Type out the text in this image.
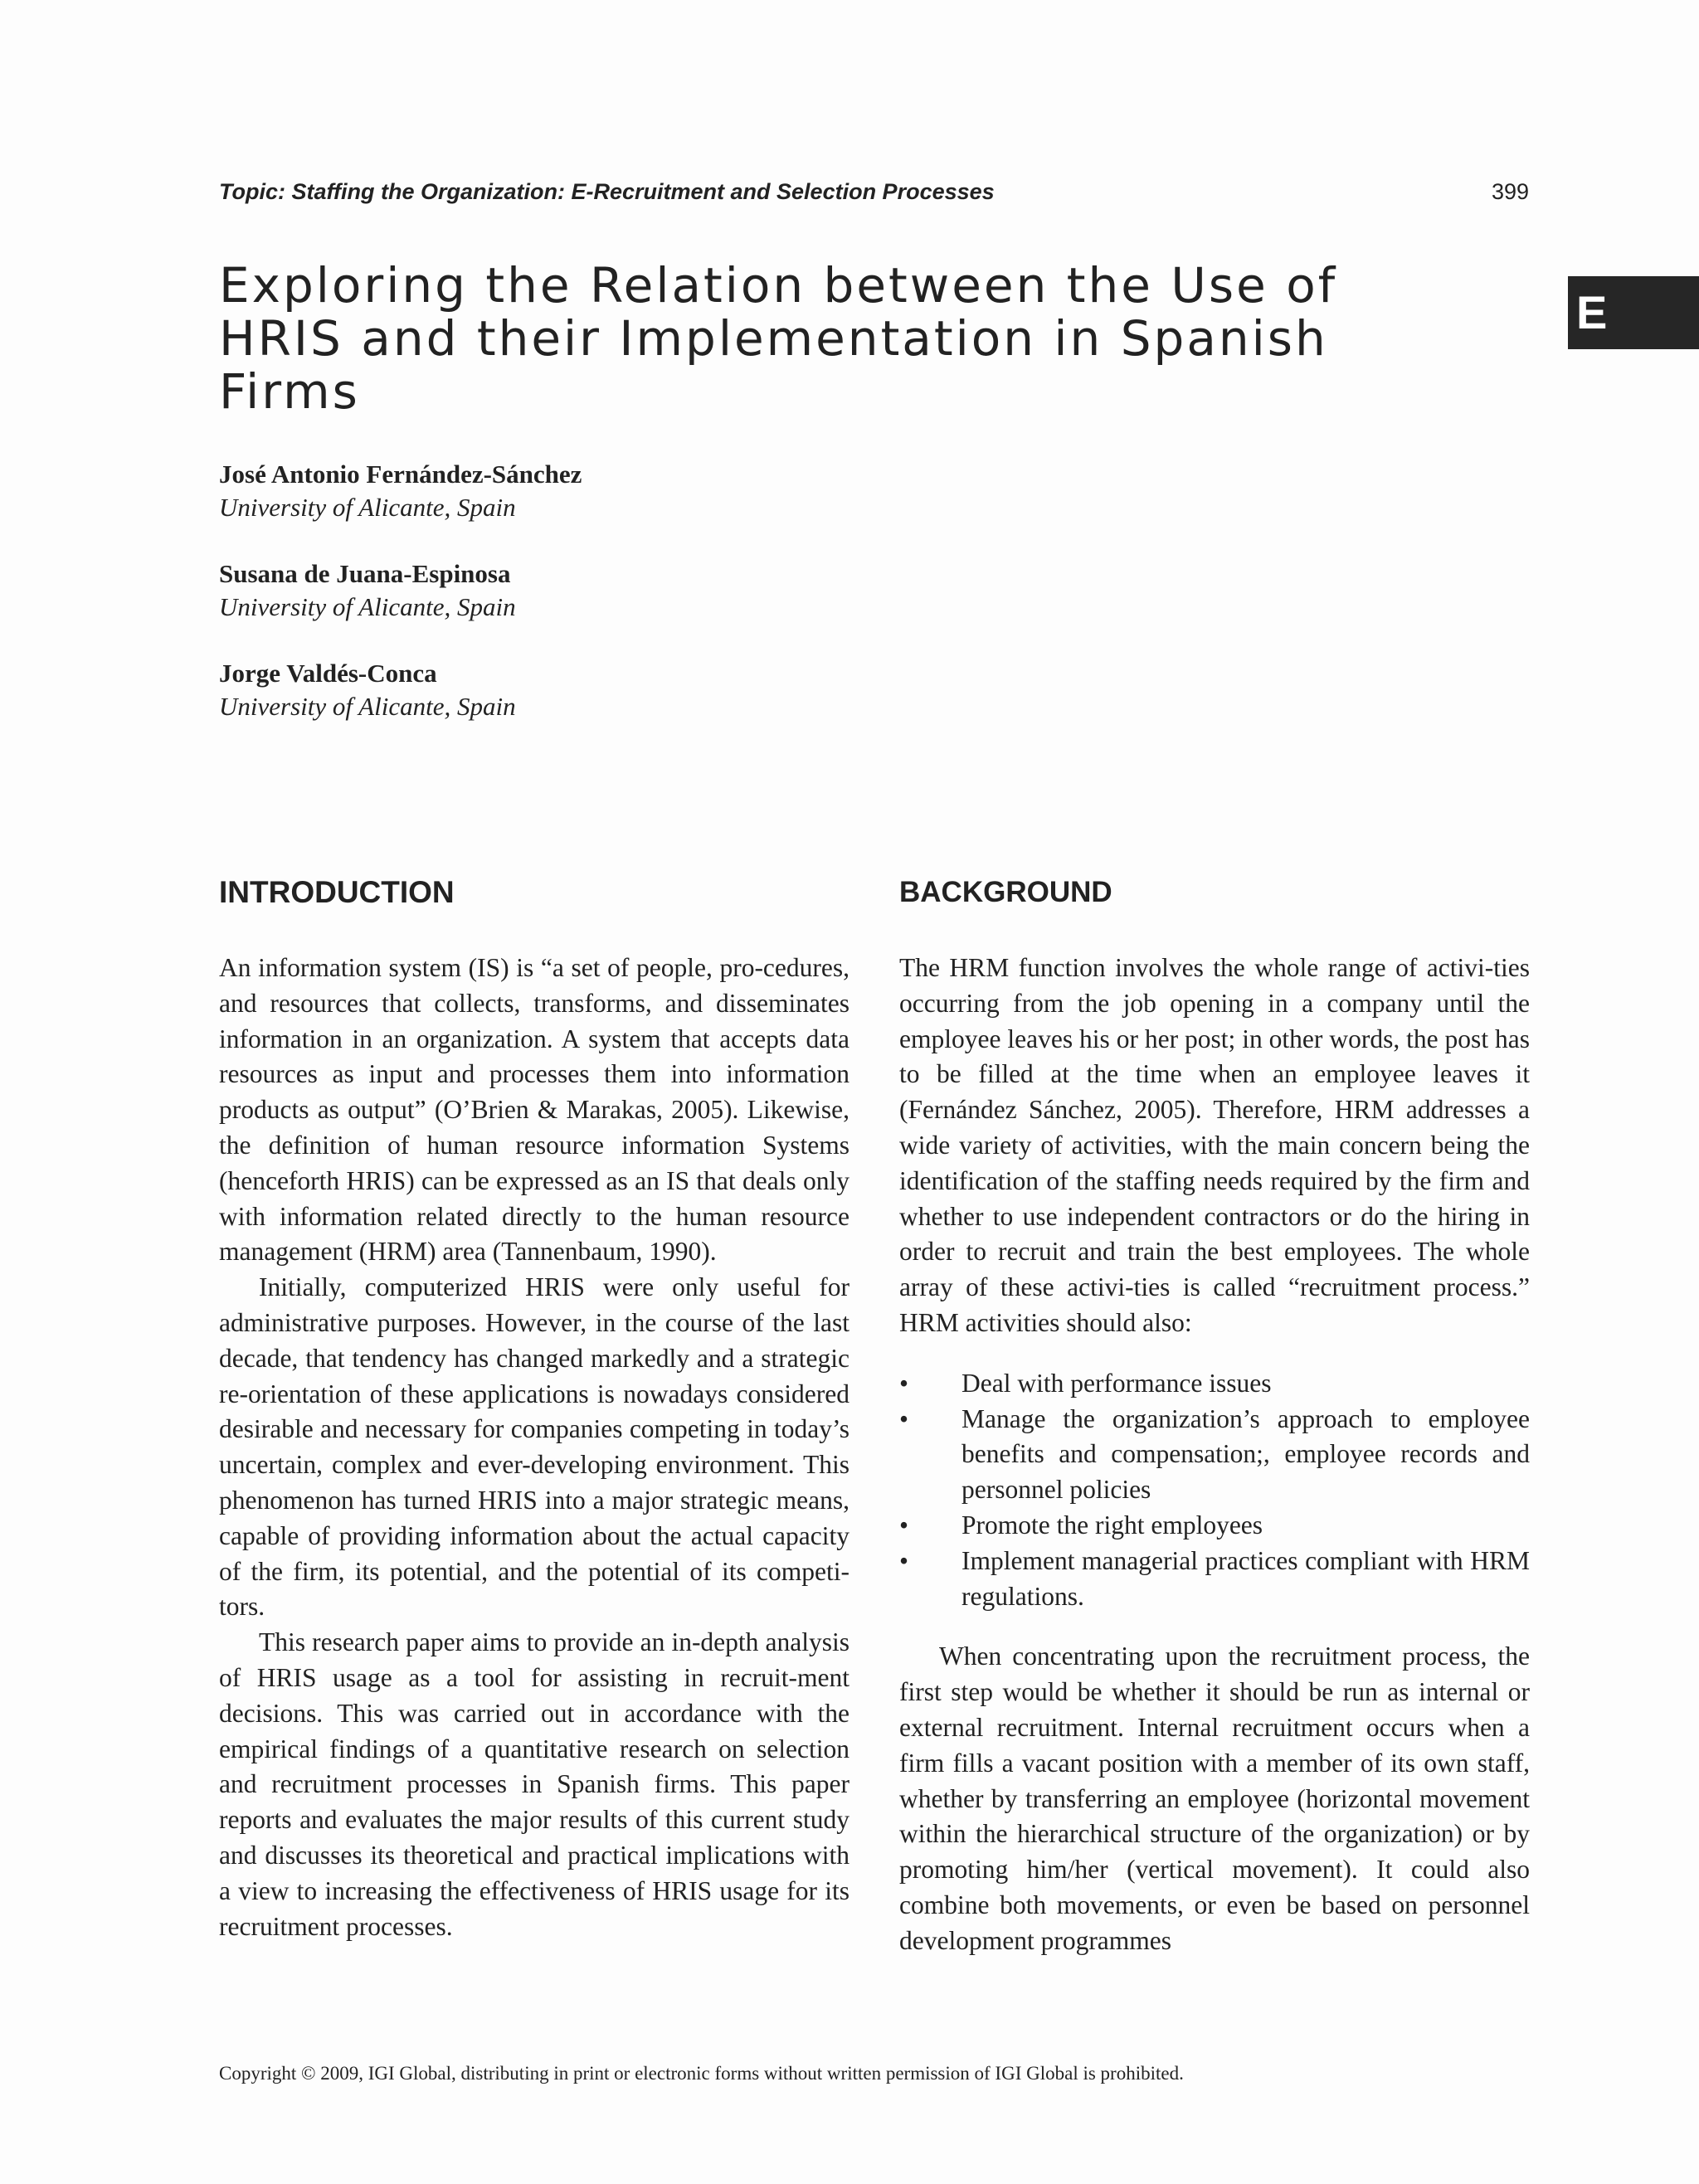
Topic: Staffing the Organization: E-Recruitment and Selection Processes	399
E
Exploring the Relation between the Use of HRIS and their Implementation in Spanish Firms
José Antonio Fernández-Sánchez
University of Alicante, Spain
Susana de Juana-Espinosa
University of Alicante, Spain
Jorge Valdés-Conca
University of Alicante, Spain
INTRODUCTION

An information system (IS) is “a set of people, pro-cedures, and resources that collects, transforms, and disseminates information in an organization. A system that accepts data resources as input and processes them into information products as output” (O’Brien & Marakas, 2005). Likewise, the definition of human resource information Systems (henceforth HRIS) can be expressed as an IS that deals only with information related directly to the human resource management (HRM) area (Tannenbaum, 1990).

Initially, computerized HRIS were only useful for administrative purposes. However, in the course of the last decade, that tendency has changed markedly and a strategic re-orientation of these applications is nowadays considered desirable and necessary for companies competing in today’s uncertain, complex and ever-developing environment. This phenomenon has turned HRIS into a major strategic means, capable of providing information about the actual capacity of the firm, its potential, and the potential of its competi-tors.

This research paper aims to provide an in-depth analysis of HRIS usage as a tool for assisting in recruit-ment decisions. This was carried out in accordance with the empirical findings of a quantitative research on selection and recruitment processes in Spanish firms. This paper reports and evaluates the major results of this current study and discusses its theoretical and practical implications with a view to increasing the effectiveness of HRIS usage for its recruitment processes.

BACKGROUND

The HRM function involves the whole range of activi-ties occurring from the job opening in a company until the employee leaves his or her post; in other words, the post has to be filled at the time when an employee leaves it (Fernández Sánchez, 2005). Therefore, HRM addresses a wide variety of activities, with the main concern being the identification of the staffing needs required by the firm and whether to use independent contractors or do the hiring in order to recruit and train the best employees. The whole array of these activi-ties is called “recruitment process.” HRM activities should also:

• Deal with performance issues
• Manage the organization’s approach to employee benefits and compensation;, employee records and personnel policies
• Promote the right employees
• Implement managerial practices compliant with HRM regulations.

When concentrating upon the recruitment process, the first step would be whether it should be run as internal or external recruitment. Internal recruitment occurs when a firm fills a vacant position with a member of its own staff, whether by transferring an employee (horizontal movement within the hierarchical structure of the organization) or by promoting him/her (vertical movement). It could also combine both movements, or even be based on personnel development programmes

Copyright © 2009, IGI Global, distributing in print or electronic forms without written permission of IGI Global is prohibited.
